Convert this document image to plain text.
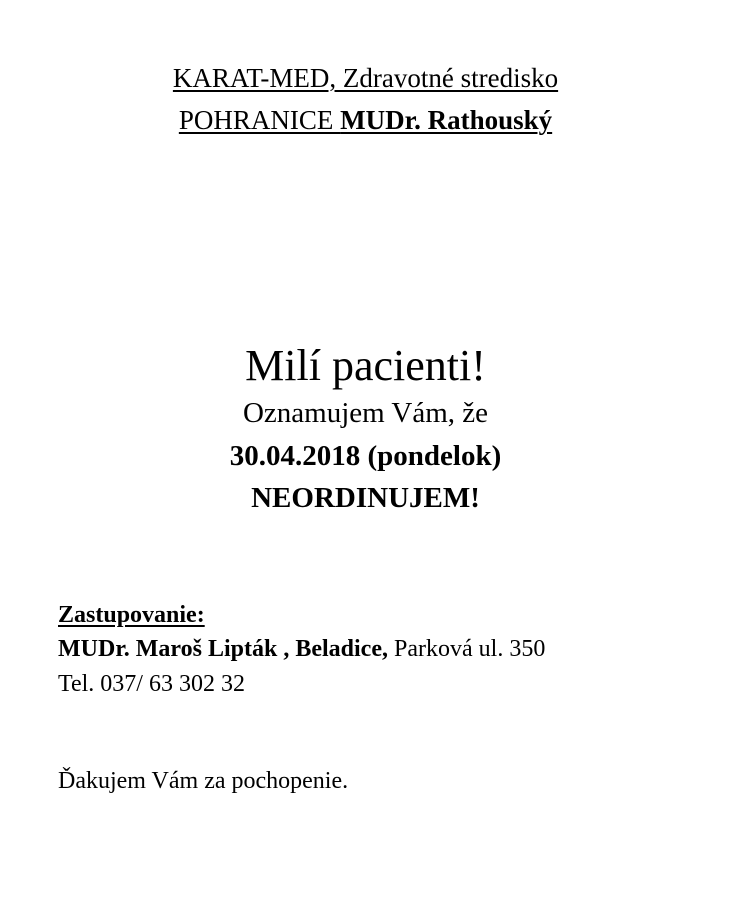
KARAT-MED, Zdravotné stredisko
POHRANICE MUDr. Rathouský
Milí pacienti!
Oznamujem Vám, že
30.04.2018 (pondelok)
NEORDINUJEM!
Zastupovanie:
MUDr. Maroš Lipták , Beladice, Parková ul. 350
Tel. 037/ 63 302 32
Ďakujem Vám za pochopenie.
